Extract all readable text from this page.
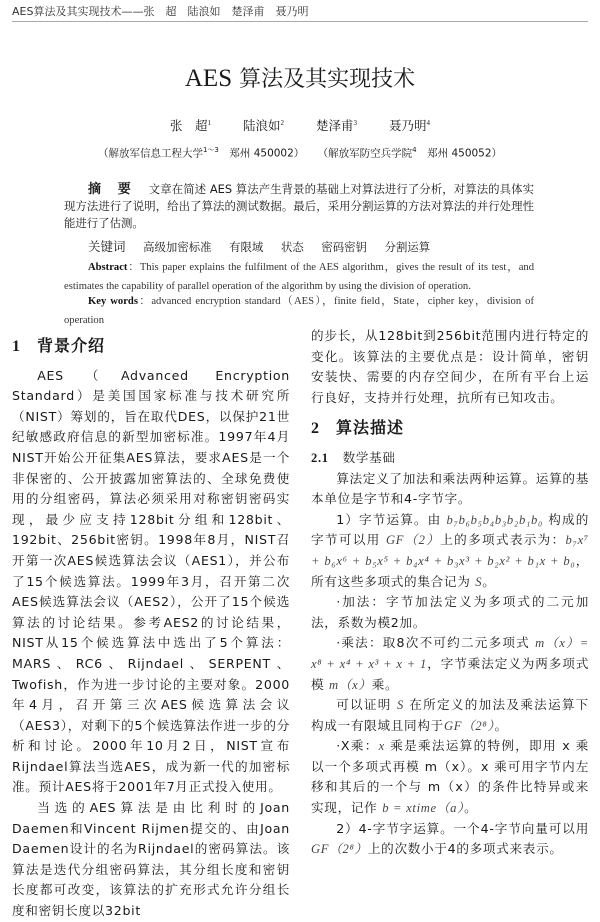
AES算法及其实现技术——张　超　陆浪如　楚泽甫　聂乃明
AES 算法及其实现技术
张　超$^1$	陆浪如$^2$	楚泽甫$^3$	聂乃明$^4$
（解放军信息工程大学$^{1\sim 3}$　郑州 450002） （解放军防空兵学院$^4$　郑州 450052）
摘 要 文章在简述 AES 算法产生背景的基础上对算法进行了分析，对算法的具体实现方法进行了说明，给出了算法的测试数据。最后，采用分割运算的方法对算法的并行处理性能进行了估测。
关键词 高级加密标准 有限域 状态 密码密钥 分割运算
Abstract：This paper explains the fulfilment of the AES algorithm，gives the result of its test，and estimates the capability of parallel operation of the algorithm by using the division of operation.
Key words：advanced encryption standard（AES），finite field，State，cipher key，division of operation
1 背景介绍

AES（Advanced Encryption Standard）是美国国家标准与技术研究所（NIST）筹划的，旨在取代DES，以保护21世纪敏感政府信息的新型加密标准。1997年4月NIST开始公开征集AES算法，要求AES是一个非保密的、公开披露加密算法的、全球免费使用的分组密码，算法必须采用对称密钥密码实现，最少应支持128bit分组和128bit、192bit、256bit密钥。1998年8月，NIST召开第一次AES候选算法会议（AES1），并公布了15个候选算法。1999年3月，召开第二次AES候选算法会议（AES2），公开了15个候选算法的讨论结果。参考AES2的讨论结果，NIST从15个候选算法中选出了5个算法：MARS、RC6、Rijndael、SERPENT、Twofish，作为进一步讨论的主要对象。2000年4月，召开第三次AES候选算法会议（AES3），对剩下的5个候选算法作进一步的分析和讨论。2000年10月2日，NIST宣布Rijndael算法当选AES，成为新一代的加密标准。预计AES将于2001年7月正式投入使用。

当选的AES算法是由比利时的Joan Daemen和Vincent Rijmen提交的、由Joan Daemen设计的名为Rijndael的密码算法。该算法是迭代分组密码算法，其分组长度和密钥长度都可改变，该算法的扩充形式允许分组长度和密钥长度以32bit

的步长，从128bit到256bit范围内进行特定的变化。该算法的主要优点是：设计简单，密钥安装快、需要的内存空间少，在所有平台上运行良好，支持并行处理，抗所有已知攻击。

2 算法描述
2.1 数学基础

算法定义了加法和乘法两种运算。运算的基本单位是字节和4-字节字。

1）字节运算。由 b₇b₆b₅b₄b₃b₂b₁b₀ 构成的字节可以用 GF（2）上的多项式表示为：b₇x⁷ + b₆x⁶ + b₅x⁵ + b₄x⁴ + b₃x³ + b₂x² + b₁x + b₀，所有这些多项式的集合记为 S。

·加法：字节加法定义为多项式的二元加法，系数为模2加。

·乘法：取8次不可约二元多项式 m（x）= x⁸ + x⁴ + x³ + x + 1，字节乘法定义为两多项式模 m（x）乘。

可以证明 S 在所定义的加法及乘法运算下构成一有限域且同构于GF（2⁸）。

·X乘：x 乘是乘法运算的特例，即用 x 乘以一个多项式再模 m（x）。x 乘可用字节内左移和其后的一个与 m（x）的条件比特异或来实现，记作 b = xtime（a）。

2）4-字节字运算。一个4-字节向量可以用GF（2⁸）上的次数小于4的多项式来表示。
